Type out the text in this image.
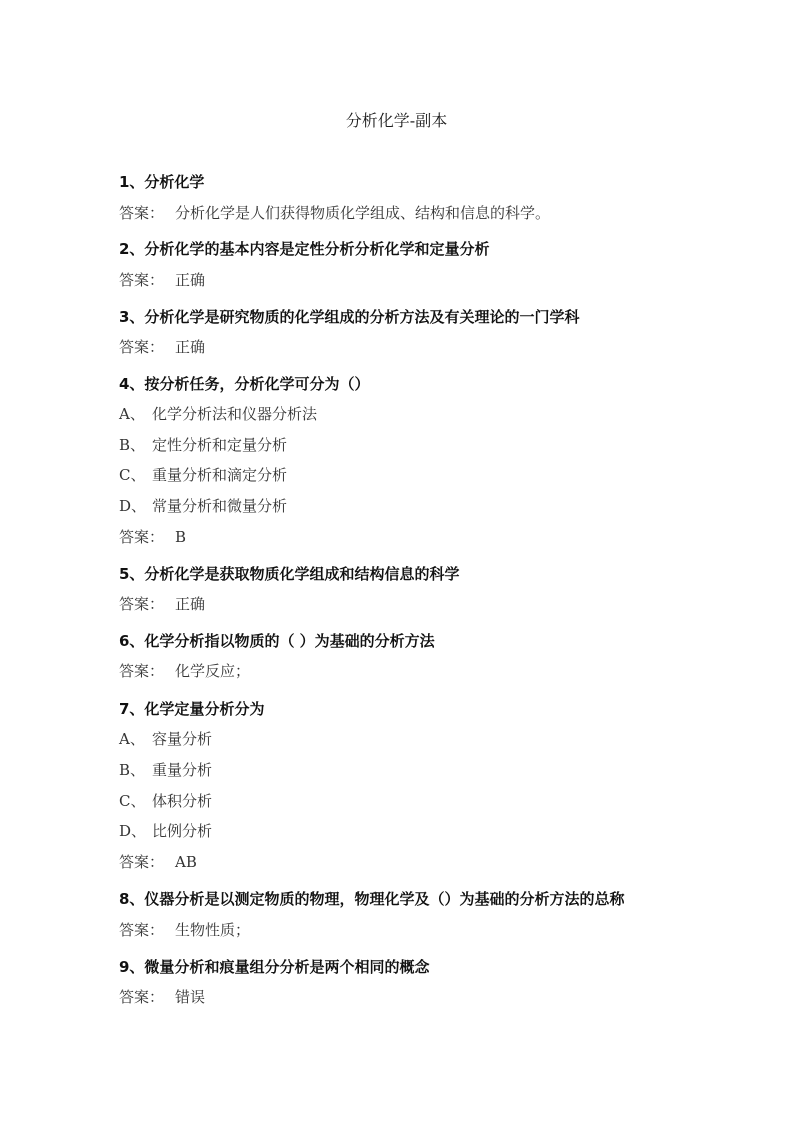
分析化学-副本
1、分析化学
答案： 分析化学是人们获得物质化学组成、结构和信息的科学。
2、分析化学的基本内容是定性分析分析化学和定量分析
答案： 正确
3、分析化学是研究物质的化学组成的分析方法及有关理论的一门学科
答案： 正确
4、按分析任务，分析化学可分为（）
A、 化学分析法和仪器分析法
B、 定性分析和定量分析
C、 重量分析和滴定分析
D、 常量分析和微量分析
答案： B
5、分析化学是获取物质化学组成和结构信息的科学
答案： 正确
6、化学分析指以物质的（ ）为基础的分析方法
答案： 化学反应；
7、化学定量分析分为
A、 容量分析
B、 重量分析
C、 体积分析
D、 比例分析
答案： AB
8、仪器分析是以测定物质的物理，物理化学及（）为基础的分析方法的总称
答案： 生物性质；
9、微量分析和痕量组分分析是两个相同的概念
答案： 错误
